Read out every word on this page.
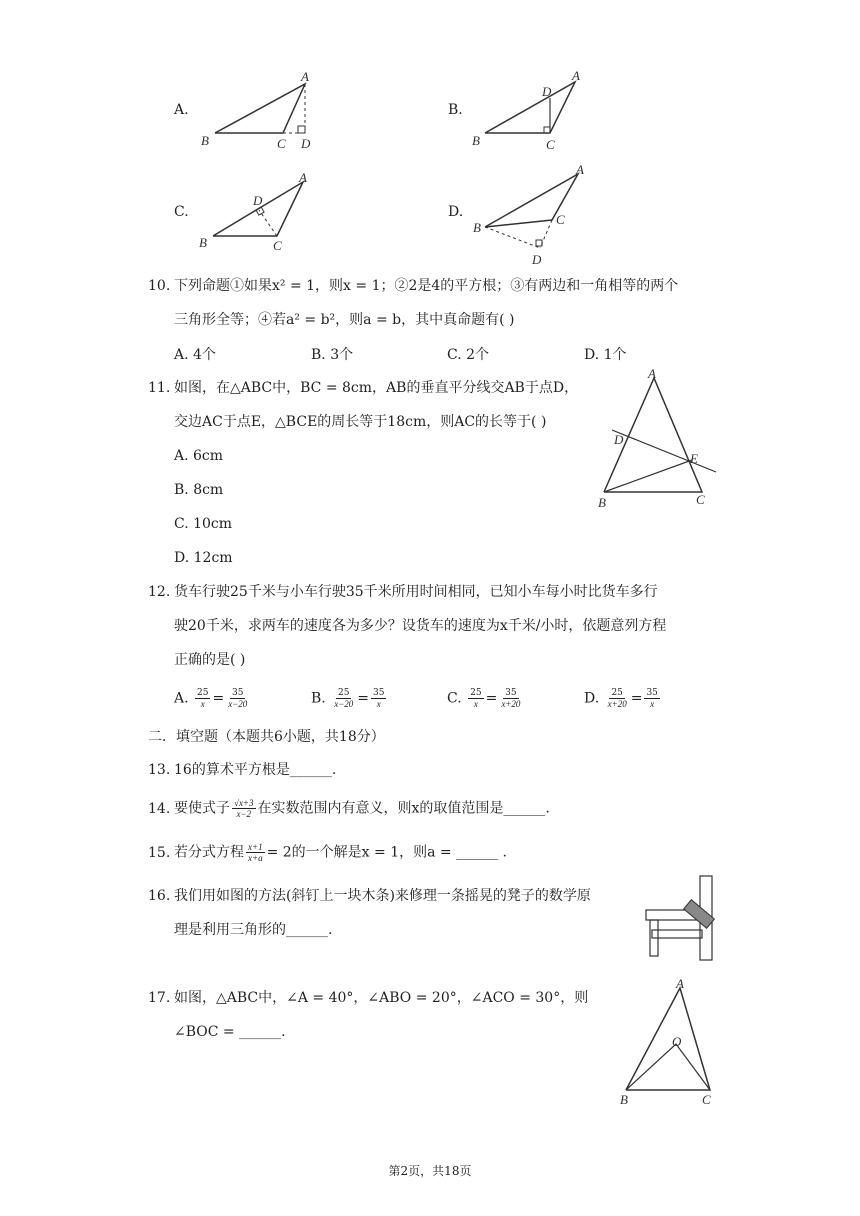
A.
A
B	C D
B.
A
D
B	C
C.
A
D
B	C
D.
A
B
C
D
10. 下列命题①如果x² = 1，则x = 1；②2是4的平方根；③有两边和一角相等的两个
三角形全等；④若a² = b²，则a = b，其中真命题有( )
A. 4个	B. 3个	C. 2个	D. 1个
11. 如图，在△ABC中，BC = 8cm，AB的垂直平分线交AB于点D，
交边AC于点E，△BCE的周长等于18cm，则AC的长等于( )
A. 6cm
B. 8cm
C. 10cm
D. 12cm
A
D
E
B	C
12. 货车行驶25千米与小车行驶35千米所用时间相同，已知小车每小时比货车多行
驶20千米，求两车的速度各为多少？设货车的速度为x千米/小时，依题意列方程
正确的是( )
A. $\frac{25}{x} = \frac{35}{x-20}$	B. $\frac{25}{x-20} = \frac{35}{x}$	C. $\frac{25}{x} = \frac{35}{x+20}$	D. $\frac{25}{x+20} = \frac{35}{x}$
二．填空题（本题共6小题，共18分）
13. 16的算术平方根是______.
14. 要使式子 $\frac{√x+3}{x-2}$ 在实数范围内有意义，则x的取值范围是______.
15. 若分式方程 $\frac{x+1}{x+a} = 2$的一个解是x = 1，则a = ______ .
16. 我们用如图的方法(斜钉上一块木条)来修理一条摇晃的凳子的数学原
理是利用三角形的______.
17. 如图，△ABC中，∠A = 40°，∠ABO = 20°，∠ACO = 30°，则
∠BOC = ______.
A
O
B	C
第2页，共18页
